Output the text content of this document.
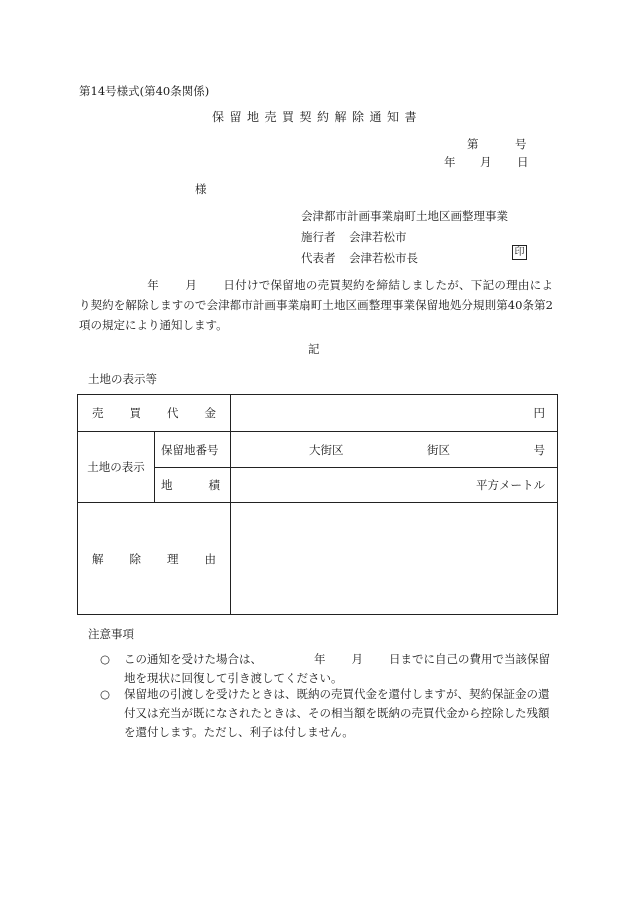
第14号様式(第40条関係)
保留地売買契約解除通知書
第	号
年 月 日
様
会津都市計画事業扇町土地区画整理事業
施行者	会津若松市
代表者	会津若松市長	印
年 月 日付けで保留地の売買契約を締結しましたが、下記の理由により契約を解除しますので会津都市計画事業扇町土地区画整理事業保留地処分規則第40条第2項の規定により通知します。
記
土地の表示等
売 買 代 金		円
土地の表示	保留地番号	大街区 街区 号

	地 積	平方メートル

解 除 理 由		

注意事項
○ この通知を受けた場合は、	年 月 日までに自己の費用で当該保留地を現状に回復して引き渡してください。
○ 保留地の引渡しを受けたときは、既納の売買代金を還付しますが、契約保証金の還付又は充当が既になされたときは、その相当額を既納の売買代金から控除した残額を還付します。ただし、利子は付しません。
